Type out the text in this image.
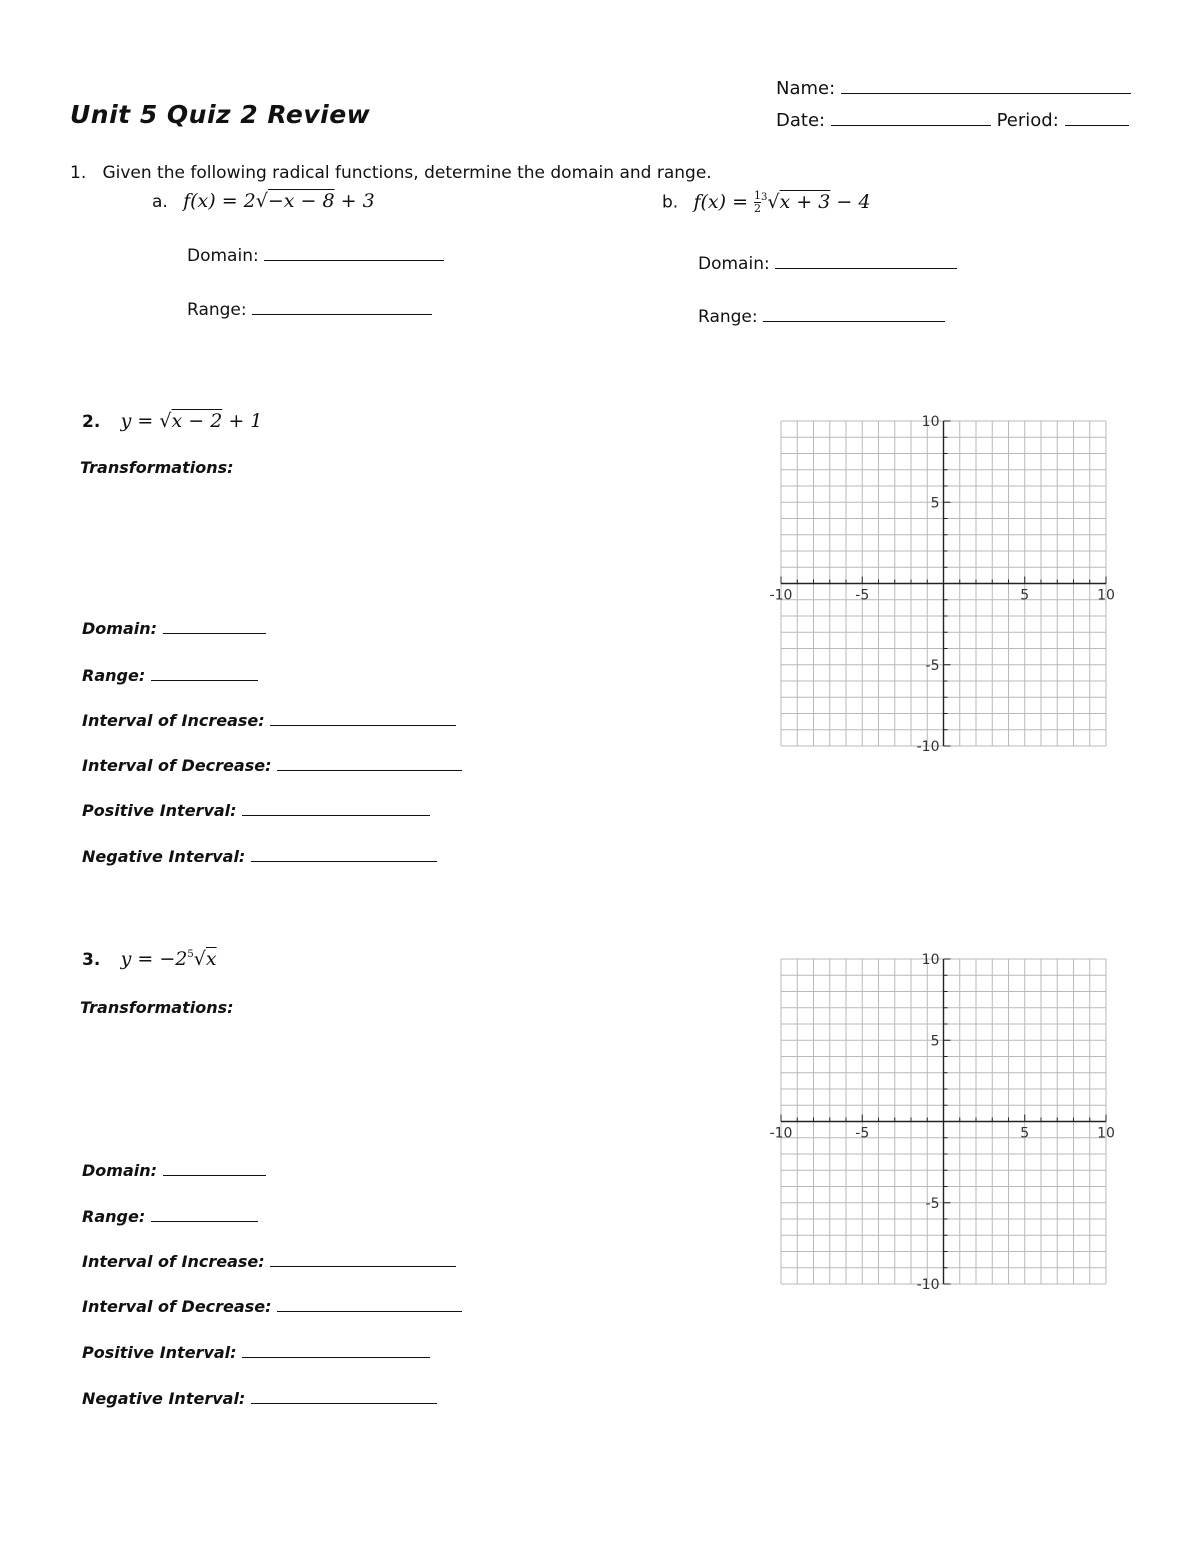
Unit 5 Quiz 2 Review
Name:
Date:	Period:
1. Given the following radical functions, determine the domain and range.
a. f(x) = 2√−x − 8 + 3	b. $f(x) = \frac{1}{2} ^3√x + 3 - 4$
Domain:
Range:
Domain:
Range:
2. y = √x − 2 + 1
Transformations:
Domain:
Range:
Interval of Increase:
Interval of Decrease:
Positive Interval:
Negative Interval:
3. $y = -2^5√x$
Transformations:
Domain:
Range:
Interval of Increase:
Interval of Decrease:
Positive Interval:
Negative Interval:
-10	-5	5	10
10
5
-5
-10
-10	-5	5	10
10
5
-5
-10
